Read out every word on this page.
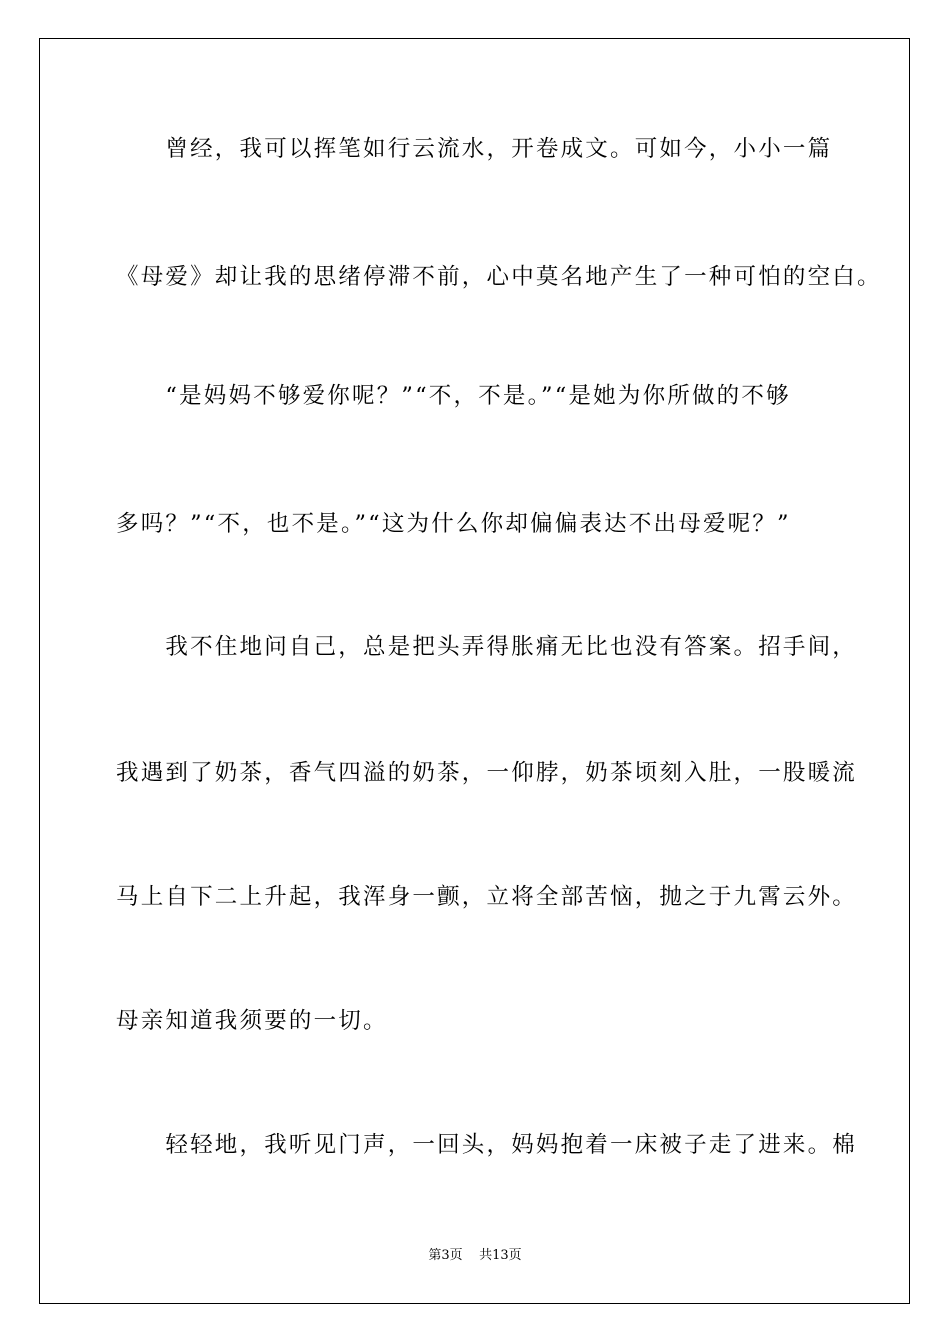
　　曾经，我可以挥笔如行云流水，开卷成文。可如今，小小一篇
《母爱》却让我的思绪停滞不前，心中莫名地产生了一种可怕的空白。
　　“是妈妈不够爱你呢？”“不，不是。”“是她为你所做的不够
多吗？”“不，也不是。”“这为什么你却偏偏表达不出母爱呢？”
　　我不住地问自己，总是把头弄得胀痛无比也没有答案。招手间，
我遇到了奶茶，香气四溢的奶茶，一仰脖，奶茶顷刻入肚，一股暖流
马上自下二上升起，我浑身一颤，立将全部苦恼，抛之于九霄云外。
母亲知道我须要的一切。
　　轻轻地，我听见门声，一回头，妈妈抱着一床被子走了进来。棉
第3页 共13页
